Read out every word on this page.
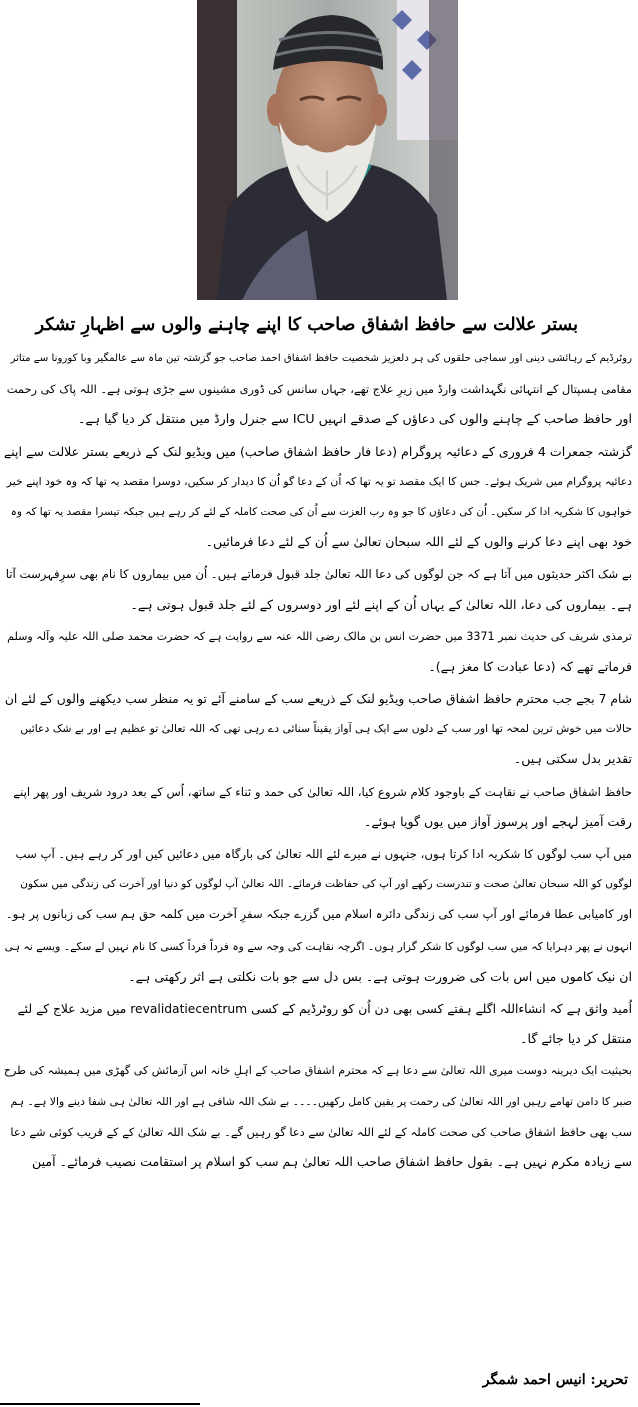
بستر علالت سے حافظ اشفاق صاحب کا اپنے چاہنے والوں سے اظہارِ تشکر
روٹرڈیم کے رہائشی دینی اور سماجی حلقوں کی ہر دلعزیز شخصیت حافظ اشفاق احمد صاحب جو گزشتہ تین ماہ سے عالمگیر وبا کورونا سے متاثر
مقامی ہسپتال کے انتہائی نگہداشت وارڈ میں زیرِ علاج تھے، جہاں سانس کی ڈوری مشینوں سے جڑی ہوتی ہے۔ اللہ پاک کی رحمت
اور حافظ صاحب کے چاہنے والوں کی دعاؤں کے صدقے انہیں ICU سے جنرل وارڈ میں منتقل کر دیا گیا ہے۔
گزشتہ جمعرات 4 فروری کے دعائیہ پروگرام (دعا فار حافظ اشفاق صاحب) میں ویڈیو لنک کے ذریعے بستر علالت سے اپنے
دعائیہ پروگرام میں شریک ہوئے۔ جس کا ایک مقصد تو یہ تھا کہ اُن کے دعا گو اُن کا دیدار کر سکیں، دوسرا مقصد یہ تھا کہ وہ خود اپنے خیر
خواہوں کا شکریہ ادا کر سکیں۔ اُن کی دعاؤں کا جو وہ رب العزت سے اُن کی صحت کاملہ کے لئے کر رہے ہیں جبکہ تیسرا مقصد یہ تھا کہ وہ
خود بھی اپنے دعا کرنے والوں کے لئے اللہ سبحان تعالیٰ سے اُن کے لئے دعا فرمائیں۔
بے شک اکثر حدیثوں میں آتا ہے کہ جن لوگوں کی دعا اللہ تعالیٰ جلد قبول فرماتے ہیں۔ اُن میں بیماروں کا نام بھی سرِفہرست آتا
ہے۔ بیماروں کی دعا، اللہ تعالیٰ کے یہاں اُن کے اپنے لئے اور دوسروں کے لئے جلد قبول ہوتی ہے۔
ترمذی شریف کی حدیث نمبر 3371 میں حضرت انس بن مالک رضی اللہ عنہ سے روایت ہے کہ حضرت محمد صلی اللہ علیہ وآلہ وسلم
فرماتے تھے کہ (دعا عبادت کا مغز ہے)۔
شام 7 بجے جب محترم حافظ اشفاق صاحب ویڈیو لنک کے ذریعے سب کے سامنے آئے تو یہ منظر سب دیکھنے والوں کے لئے ان
حالات میں خوش ترین لمحہ تھا اور سب کے دلوں سے ایک ہی آواز یقیناً سنائی دے رہی تھی کہ اللہ تعالیٰ تو عظیم ہے اور بے شک دعائیں
تقدیر بدل سکتی ہیں۔
حافظ اشفاق صاحب نے نقاہت کے باوجود کلام شروع کیا، اللہ تعالیٰ کی حمد و ثناء کے ساتھ، اُس کے بعد درود شریف اور پھر اپنے
رقت آمیز لہجے اور پرسوز آواز میں یوں گویا ہوئے۔
میں آپ سب لوگوں کا شکریہ ادا کرتا ہوں، جنہوں نے میرے لئے اللہ تعالیٰ کی بارگاہ میں دعائیں کیں اور کر رہے ہیں۔ آپ سب
لوگوں کو اللہ سبحان تعالیٰ صحت و تندرست رکھے اور آپ کی حفاظت فرمائے۔ اللہ تعالیٰ آپ لوگوں کو دنیا اور آخرت کی زندگی میں سکون
اور کامیابی عطا فرمائے اور آپ سب کی زندگی دائرہ اسلام میں گزرے جبکہ سفرِ آخرت میں کلمہ حق ہم سب کی زبانوں پر ہو۔
انہوں نے پھر دہرایا کہ میں سب لوگوں کا شکر گزار ہوں۔ اگرچہ نقاہت کی وجہ سے وہ فرداً فرداً کسی کا نام نہیں لے سکے۔ ویسے نہ ہی
ان نیک کاموں میں اس بات کی ضرورت ہوتی ہے۔ بس دل سے جو بات نکلتی ہے اثر رکھتی ہے۔
اُمید واثق ہے کہ انشاءاللہ اگلے ہفتے کسی بھی دن اُن کو روٹرڈیم کے کسی revalidatiecentrum میں مزید علاج کے لئے
منتقل کر دیا جائے گا۔
بحیثیت ایک دیرینہ دوست میری اللہ تعالیٰ سے دعا ہے کہ محترم اشفاق صاحب کے اہلِ خانہ اس آزمائش کی گھڑی میں ہمیشہ کی طرح
صبر کا دامن تھامے رہیں اور اللہ تعالیٰ کی رحمت پر یقین کامل رکھیں۔۔۔۔ بے شک اللہ شافی ہے اور اللہ تعالیٰ ہی شفا دینے والا ہے۔ ہم
سب بھی حافظ اشفاق صاحب کی صحت کاملہ کے لئے اللہ تعالیٰ سے دعا گو رہیں گے۔ بے شک اللہ تعالیٰ کے کے قریب کوئی شے دعا
سے زیادہ مکرم نہیں ہے۔ بقول حافظ اشفاق صاحب اللہ تعالیٰ ہم سب کو اسلام پر استقامت نصیب فرمائے۔ آمین
تحریر: انیس احمد شمگر
